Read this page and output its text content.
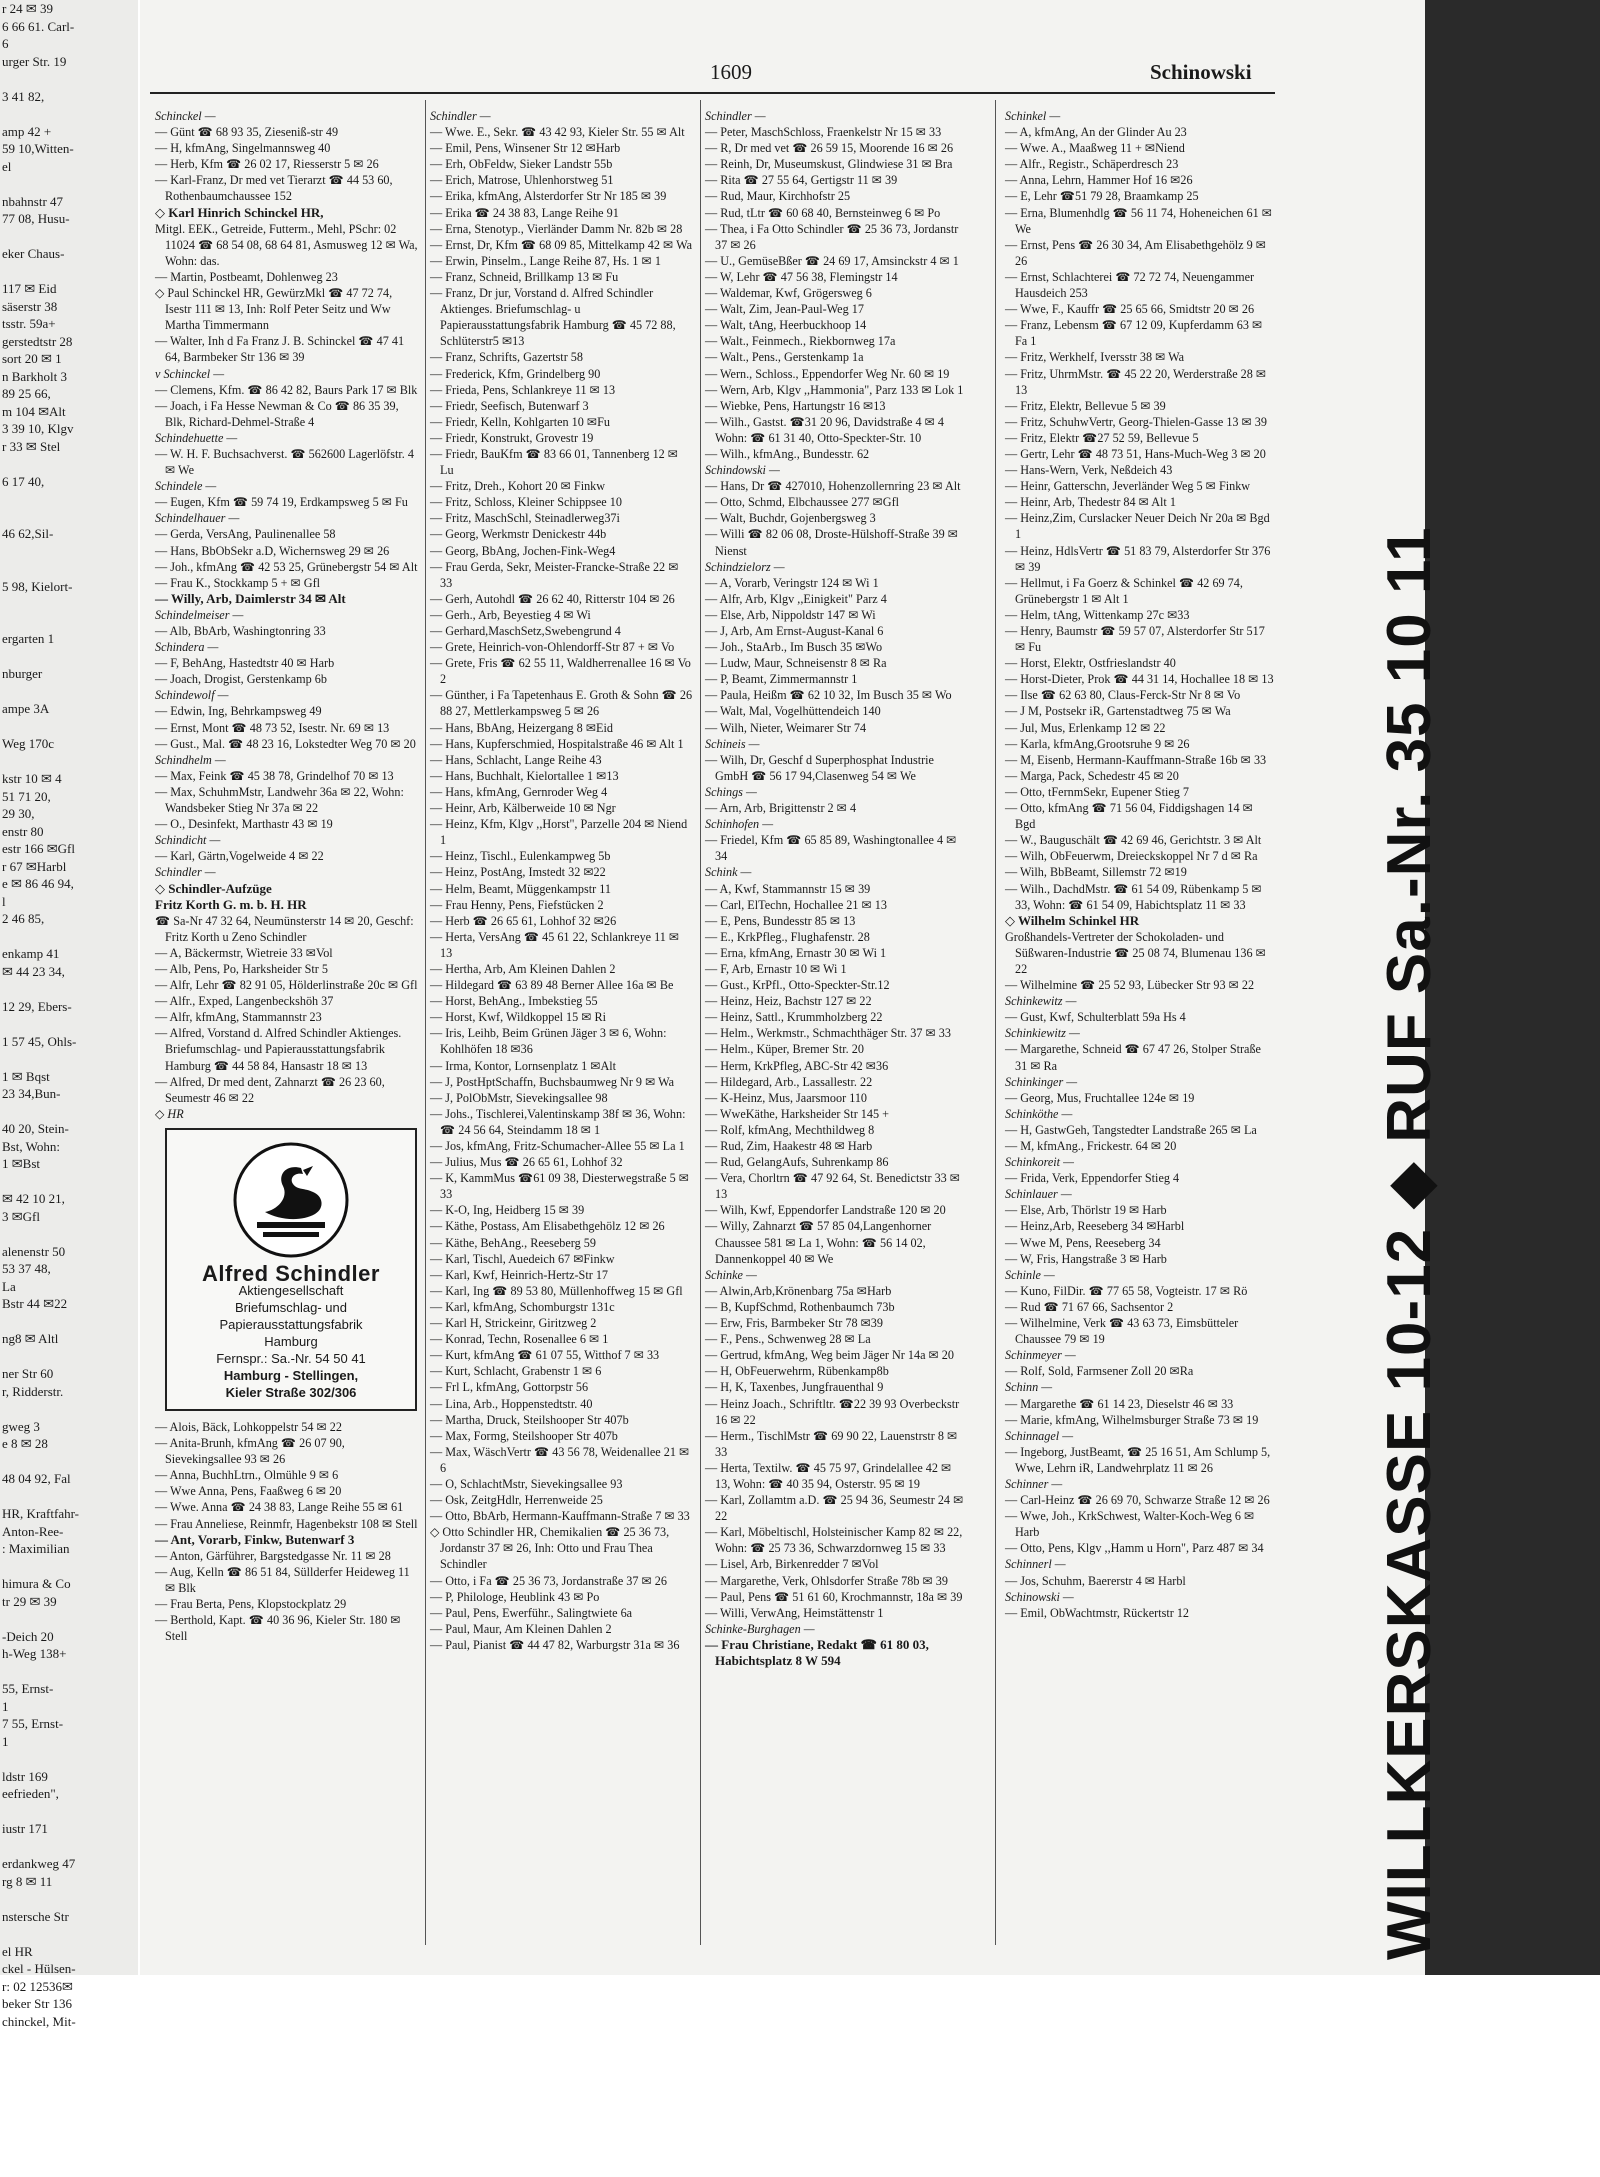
r 24 ✉ 39
6 66 61. Carl-
6
urger Str. 19

3 41 82,

amp 42 +
59 10,Witten-
el

nbahnstr 47
77 08, Husu-

eker Chaus-

117 ✉ Eid
säserstr 38
tsstr. 59a+
gerstedtstr 28
sort 20 ✉ 1
n Barkholt 3
89 25 66,
m 104 ✉Alt
3 39 10, Klgv
r 33 ✉ Stel

6 17 40,

46 62,Sil-

5 98, Kielort-

ergarten 1

nburger

ampe 3A

Weg 170c

kstr 10 ✉ 4
51 71 20,
29 30,
enstr 80
estr 166 ✉Gfl
r 67 ✉Harbl
e ✉ 86 46 94,
l
2 46 85,

enkamp 41
✉ 44 23 34,

12 29, Ebers-

1 57 45, Ohls-

1 ✉ Bqst
23 34,Bun-

40 20, Stein-
Bst, Wohn:
1 ✉Bst

✉ 42 10 21,
3 ✉Gfl

alenenstr 50
53 37 48,
La
Bstr 44 ✉22

ng8 ✉ Altl

ner Str 60
r, Ridderstr.

gweg 3
e 8 ✉ 28

48 04 92, Fal

HR, Kraftfahr-
Anton-Ree-
: Maximilian

himura & Co
tr 29 ✉ 39

-Deich 20
h-Weg 138+

55, Ernst-
1
7 55, Ernst-
1

ldstr 169
eefrieden",

iustr 171

erdankweg 47
rg 8 ✉ 11

nstersche Str

el HR
ckel - Hülsen-
r: 02 12536✉
beker Str 136
chinckel, Mit-
WILLKERSKASSE 10-12 ◆ RUF Sa.-Nr. 35 10 11
1609	Schinowski
Schinckel —
— Günt ☎ 68 93 35, Zieseniß-str 49
— H, kfmAng, Singelmannsweg 40
— Herb, Kfm ☎ 26 02 17, Riesserstr 5 ✉ 26
— Karl-Franz, Dr med vet Tierarzt ☎ 44 53 60, Rothenbaumchaussee 152
◇ Karl Hinrich Schinckel HR,
Mitgl. EEK., Getreide, Futterm., Mehl, PSchr: 02 11024 ☎ 68 54 08, 68 64 81, Asmusweg 12 ✉ Wa, Wohn: das.
— Martin, Postbeamt, Dohlenweg 23
◇ Paul Schinckel HR, GewürzMkl ☎ 47 72 74, Isestr 111 ✉ 13, Inh: Rolf Peter Seitz und Ww Martha Timmermann
— Walter, Inh d Fa Franz J. B. Schinckel ☎ 47 41 64, Barmbeker Str 136 ✉ 39
v Schinckel —
— Clemens, Kfm. ☎ 86 42 82, Baurs Park 17 ✉ Blk
— Joach, i Fa Hesse Newman & Co ☎ 86 35 39, Blk, Richard-Dehmel-Straße 4
Schindehuette —
— W. H. F. Buchsachverst. ☎ 562600 Lagerlöfstr. 4 ✉ We
Schindele —
— Eugen, Kfm ☎ 59 74 19, Erdkampsweg 5 ✉ Fu
Schindelhauer —
— Gerda, VersAng, Paulinenallee 58
— Hans, BbObSekr a.D, Wichernsweg 29 ✉ 26
— Joh., kfmAng ☎ 42 53 25, Grünebergstr 54 ✉ Alt
— Frau K., Stockkamp 5 + ✉ Gfl
— Willy, Arb, Daimlerstr 34 ✉ Alt
Schindelmeiser —
— Alb, BbArb, Washingtonring 33
Schindera —
— F, BehAng, Hastedtstr 40 ✉ Harb
— Joach, Drogist, Gerstenkamp 6b
Schindewolf —
— Edwin, Ing, Behrkampsweg 49
— Ernst, Mont ☎ 48 73 52, Isestr. Nr. 69 ✉ 13
— Gust., Mal. ☎ 48 23 16, Lokstedter Weg 70 ✉ 20
Schindhelm —
— Max, Feink ☎ 45 38 78, Grindelhof 70 ✉ 13
— Max, SchuhmMstr, Landwehr 36a ✉ 22, Wohn: Wandsbeker Stieg Nr 37a ✉ 22
— O., Desinfekt, Marthastr 43 ✉ 19
Schindicht —
— Karl, Gärtn,Vogelweide 4 ✉ 22
Schindler —
◇ Schindler-Aufzüge
Fritz Korth G. m. b. H. HR
☎ Sa-Nr 47 32 64, Neumünsterstr 14 ✉ 20, Geschf: Fritz Korth u Zeno Schindler
— A, Bäckermstr, Wietreie 33 ✉Vol
— Alb, Pens, Po, Harksheider Str 5
— Alfr, Lehr ☎ 82 91 05, Hölderlinstraße 20c ✉ Gfl
— Alfr., Exped, Langenbeckshöh 37
— Alfr, kfmAng, Stammannstr 23
— Alfred, Vorstand d. Alfred Schindler Aktienges. Briefumschlag- und Papierausstattungsfabrik Hamburg ☎ 44 58 84, Hansastr 18 ✉ 13
— Alfred, Dr med dent, Zahnarzt ☎ 26 23 60, Seumestr 46 ✉ 22
◇ HR
Alfred Schindler
Aktiengesellschaft
Briefumschlag- und
Papierausstattungsfabrik
Hamburg
Fernspr.: Sa.-Nr. 54 50 41
Hamburg - Stellingen,
Kieler Straße 302/306
— Alois, Bäck, Lohkoppelstr 54 ✉ 22
— Anita-Brunh, kfmAng ☎ 26 07 90, Sievekingsallee 93 ✉ 26
— Anna, BuchhLtrn., Olmühle 9 ✉ 6
— Wwe Anna, Pens, Faaßweg 6 ✉ 20
— Wwe. Anna ☎ 24 38 83, Lange Reihe 55 ✉ 61
— Frau Anneliese, Reinmfr, Hagenbekstr 108 ✉ Stell
— Ant, Vorarb, Finkw, Butenwarf 3
— Anton, Gärführer, Bargstedgasse Nr. 11 ✉ 28
— Aug, Kelln ☎ 86 51 84, Süllderfer Heideweg 11 ✉ Blk
— Frau Berta, Pens, Klopstockplatz 29
— Berthold, Kapt. ☎ 40 36 96, Kieler Str. 180 ✉ Stell
Schindler —
— Wwe. E., Sekr. ☎ 43 42 93, Kieler Str. 55 ✉ Alt
— Emil, Pens, Winsener Str 12 ✉Harb
— Erh, ObFeldw, Sieker Landstr 55b
— Erich, Matrose, Uhlenhorstweg 51
— Erika, kfmAng, Alsterdorfer Str Nr 185 ✉ 39
— Erika ☎ 24 38 83, Lange Reihe 91
— Erna, Stenotyp., Vierländer Damm Nr. 82b ✉ 28
— Ernst, Dr, Kfm ☎ 68 09 85, Mittelkamp 42 ✉ Wa
— Erwin, Pinselm., Lange Reihe 87, Hs. 1 ✉ 1
— Franz, Schneid, Brillkamp 13 ✉ Fu
— Franz, Dr jur, Vorstand d. Alfred Schindler Aktienges. Briefumschlag- u Papierausstattungsfabrik Hamburg ☎ 45 72 88, Schlüterstr5 ✉13
— Franz, Schrifts, Gazertstr 58
— Frederick, Kfm, Grindelberg 90
— Frieda, Pens, Schlankreye 11 ✉ 13
— Friedr, Seefisch, Butenwarf 3
— Friedr, Kelln, Kohlgarten 10 ✉Fu
— Friedr, Konstrukt, Grovestr 19
— Friedr, BauKfm ☎ 83 66 01, Tannenberg 12 ✉ Lu
— Fritz, Dreh., Kohort 20 ✉ Finkw
— Fritz, Schloss, Kleiner Schippsee 10
— Fritz, MaschSchl, Steinadlerweg37i
— Georg, Werkmstr Denickestr 44b
— Georg, BbAng, Jochen-Fink-Weg4
— Frau Gerda, Sekr, Meister-Francke-Straße 22 ✉ 33
— Gerh, Autohdl ☎ 26 62 40, Ritterstr 104 ✉ 26
— Gerh., Arb, Beyestieg 4 ✉ Wi
— Gerhard,MaschSetz,Swebengrund 4
— Grete, Heinrich-von-Ohlendorff-Str 87 + ✉ Vo
— Grete, Fris ☎ 62 55 11, Waldherrenallee 16 ✉ Vo 2
— Günther, i Fa Tapetenhaus E. Groth & Sohn ☎ 26 88 27, Mettlerkampsweg 5 ✉ 26
— Hans, BbAng, Heizergang 8 ✉Eid
— Hans, Kupferschmied, Hospitalstraße 46 ✉ Alt 1
— Hans, Schlacht, Lange Reihe 43
— Hans, Buchhalt, Kielortallee 1 ✉13
— Hans, kfmAng, Gernroder Weg 4
— Heinr, Arb, Kälberweide 10 ✉ Ngr
— Heinz, Kfm, Klgv ,,Horst", Parzelle 204 ✉ Niend 1
— Heinz, Tischl., Eulenkampweg 5b
— Heinz, PostAng, Imstedt 32 ✉22
— Helm, Beamt, Müggenkampstr 11
— Frau Henny, Pens, Fiefstücken 2
— Herb ☎ 26 65 61, Lohhof 32 ✉26
— Herta, VersAng ☎ 45 61 22, Schlankreye 11 ✉ 13
— Hertha, Arb, Am Kleinen Dahlen 2
— Hildegard ☎ 63 89 48 Berner Allee 16a ✉ Be
— Horst, BehAng., Imbekstieg 55
— Horst, Kwf, Wildkoppel 15 ✉ Ri
— Iris, Leihb, Beim Grünen Jäger 3 ✉ 6, Wohn: Kohlhöfen 18 ✉36
— Irma, Kontor, Lornsenplatz 1 ✉Alt
— J, PostHptSchaffn, Buchsbaumweg Nr 9 ✉ Wa
— J, PolObMstr, Sievekingsallee 98
— Johs., Tischlerei,Valentinskamp 38f ✉ 36, Wohn: ☎ 24 56 64, Steindamm 18 ✉ 1
— Jos, kfmAng, Fritz-Schumacher-Allee 55 ✉ La 1
— Julius, Mus ☎ 26 65 61, Lohhof 32
— K, KammMus ☎61 09 38, Diesterwegstraße 5 ✉ 33
— K-O, Ing, Heidberg 15 ✉ 39
— Käthe, Postass, Am Elisabethgehölz 12 ✉ 26
— Käthe, BehAng., Reeseberg 59
— Karl, Tischl, Auedeich 67 ✉Finkw
— Karl, Kwf, Heinrich-Hertz-Str 17
— Karl, Ing ☎ 89 53 80, Müllenhoffweg 15 ✉ Gfl
— Karl, kfmAng, Schomburgstr 131c
— Karl H, Strickeinr, Giritzweg 2
— Konrad, Techn, Rosenallee 6 ✉ 1
— Kurt, kfmAng ☎ 61 07 55, Witthof 7 ✉ 33
— Kurt, Schlacht, Grabenstr 1 ✉ 6
— Frl L, kfmAng, Gottorpstr 56
— Lina, Arb., Hoppenstedtstr. 40
— Martha, Druck, Steilshooper Str 407b
— Max, Formg, Steilshooper Str 407b
— Max, WäschVertr ☎ 43 56 78, Weidenallee 21 ✉ 6
— O, SchlachtMstr, Sievekingsallee 93
— Osk, ZeitgHdlr, Herrenweide 25
— Otto, BbArb, Hermann-Kauffmann-Straße 7 ✉ 33
◇ Otto Schindler HR, Chemikalien ☎ 25 36 73, Jordanstr 37 ✉ 26, Inh: Otto und Frau Thea Schindler
— Otto, i Fa ☎ 25 36 73, Jordanstraße 37 ✉ 26
— P, Philologe, Heublink 43 ✉ Po
— Paul, Pens, Ewerführ., Salingtwiete 6a
— Paul, Maur, Am Kleinen Dahlen 2
— Paul, Pianist ☎ 44 47 82, Warburgstr 31a ✉ 36
Schindler —
— Peter, MaschSchloss, Fraenkelstr Nr 15 ✉ 33
— R, Dr med vet ☎ 26 59 15, Moorende 16 ✉ 26
— Reinh, Dr, Museumskust, Glindwiese 31 ✉ Bra
— Rita ☎ 27 55 64, Gertigstr 11 ✉ 39
— Rud, Maur, Kirchhofstr 25
— Rud, tLtr ☎ 60 68 40, Bernsteinweg 6 ✉ Po
— Thea, i Fa Otto Schindler ☎ 25 36 73, Jordanstr 37 ✉ 26
— U., GemüseBßer ☎ 24 69 17, Amsinckstr 4 ✉ 1
— W, Lehr ☎ 47 56 38, Flemingstr 14
— Waldemar, Kwf, Grögersweg 6
— Walt, Zim, Jean-Paul-Weg 17
— Walt, tAng, Heerbuckhoop 14
— Walt., Feinmech., Riekbornweg 17a
— Walt., Pens., Gerstenkamp 1a
— Wern., Schloss., Eppendorfer Weg Nr. 60 ✉ 19
— Wern, Arb, Klgv ,,Hammonia", Parz 133 ✉ Lok 1
— Wiebke, Pens, Hartungstr 16 ✉13
— Wilh., Gastst. ☎31 20 96, Davidstraße 4 ✉ 4 Wohn: ☎ 61 31 40, Otto-Speckter-Str. 10
— Wilh., kfmAng., Bundesstr. 62
Schindowski —
— Hans, Dr ☎ 427010, Hohenzollernring 23 ✉ Alt
— Otto, Schmd, Elbchaussee 277 ✉Gfl
— Walt, Buchdr, Gojenbergsweg 3
— Willi ☎ 82 06 08, Droste-Hülshoff-Straße 39 ✉ Nienst
Schindzielorz —
— A, Vorarb, Veringstr 124 ✉ Wi 1
— Alfr, Arb, Klgv ,,Einigkeit" Parz 4
— Else, Arb, Nippoldstr 147 ✉ Wi
— J, Arb, Am Ernst-August-Kanal 6
— Joh., StaArb., Im Busch 35 ✉Wo
— Ludw, Maur, Schneisenstr 8 ✉ Ra
— P, Beamt, Zimmermannstr 1
— Paula, Heißm ☎ 62 10 32, Im Busch 35 ✉ Wo
— Walt, Mal, Vogelhüttendeich 140
— Wilh, Nieter, Weimarer Str 74
Schineis —
— Wilh, Dr, Geschf d Superphosphat Industrie GmbH ☎ 56 17 94,Clasenweg 54 ✉ We
Schings —
— Arn, Arb, Brigittenstr 2 ✉ 4
Schinhofen —
— Friedel, Kfm ☎ 65 85 89, Washingtonallee 4 ✉ 34
Schink —
— A, Kwf, Stammannstr 15 ✉ 39
— Carl, ElTechn, Hochallee 21 ✉ 13
— E, Pens, Bundesstr 85 ✉ 13
— E., KrkPfleg., Flughafenstr. 28
— Erna, kfmAng, Ernastr 30 ✉ Wi 1
— F, Arb, Ernastr 10 ✉ Wi 1
— Gust., KrPfl., Otto-Speckter-Str.12
— Heinz, Heiz, Bachstr 127 ✉ 22
— Heinz, Sattl., Krummholzberg 22
— Helm., Werkmstr., Schmachthäger Str. 37 ✉ 33
— Helm., Küper, Bremer Str. 20
— Herm, KrkPfleg, ABC-Str 42 ✉36
— Hildegard, Arb., Lassallestr. 22
— K-Heinz, Mus, Jaarsmoor 110
— WweKäthe, Harksheider Str 145 +
— Rolf, kfmAng, Mechthildweg 8
— Rud, Zim, Haakestr 48 ✉ Harb
— Rud, GelangAufs, Suhrenkamp 86
— Vera, Chorltrn ☎ 47 92 64, St. Benedictstr 33 ✉ 13
— Wilh, Kwf, Eppendorfer Landstraße 120 ✉ 20
— Willy, Zahnarzt ☎ 57 85 04,Langenhorner Chaussee 581 ✉ La 1, Wohn: ☎ 56 14 02, Dannenkoppel 40 ✉ We
Schinke —
— Alwin,Arb,Krönenbarg 75a ✉Harb
— B, KupfSchmd, Rothenbaumch 73b
— Erw, Fris, Barmbeker Str 78 ✉39
— F., Pens., Schwenweg 28 ✉ La
— Gertrud, kfmAng, Weg beim Jäger Nr 14a ✉ 20
— H, ObFeuerwehrm, Rübenkamp8b
— H, K, Taxenbes, Jungfrauenthal 9
— Heinz Joach., Schriftltr. ☎22 39 93 Overbeckstr 16 ✉ 22
— Herm., TischlMstr ☎ 69 90 22, Lauenstrstr 8 ✉ 33
— Herta, Textilw. ☎ 45 75 97, Grindelallee 42 ✉ 13, Wohn: ☎ 40 35 94, Osterstr. 95 ✉ 19
— Karl, Zollamtm a.D. ☎ 25 94 36, Seumestr 24 ✉ 22
— Karl, Möbeltischl, Holsteinischer Kamp 82 ✉ 22, Wohn: ☎ 25 73 36, Schwarzdornweg 15 ✉ 33
— Lisel, Arb, Birkenredder 7 ✉Vol
— Margarethe, Verk, Ohlsdorfer Straße 78b ✉ 39
— Paul, Pens ☎ 51 61 60, Krochmannstr, 18a ✉ 39
— Willi, VerwAng, Heimstättenstr 1
Schinke-Burghagen —
— Frau Christiane, Redakt ☎ 61 80 03, Habichtsplatz 8 W 594
Schinkel —
— A, kfmAng, An der Glinder Au 23
— Wwe. A., Maaßweg 11 + ✉Niend
— Alfr., Registr., Schäperdresch 23
— Anna, Lehrn, Hammer Hof 16 ✉26
— E, Lehr ☎51 79 28, Braamkamp 25
— Erna, Blumenhdlg ☎ 56 11 74, Hoheneichen 61 ✉ We
— Ernst, Pens ☎ 26 30 34, Am Elisabethgehölz 9 ✉ 26
— Ernst, Schlachterei ☎ 72 72 74, Neuengammer Hausdeich 253
— Wwe, F., Kauffr ☎ 25 65 66, Smidtstr 20 ✉ 26
— Franz, Lebensm ☎ 67 12 09, Kupferdamm 63 ✉ Fa 1
— Fritz, Werkhelf, Iversstr 38 ✉ Wa
— Fritz, UhrmMstr. ☎ 45 22 20, Werderstraße 28 ✉ 13
— Fritz, Elektr, Bellevue 5 ✉ 39
— Fritz, SchuhwVertr, Georg-Thielen-Gasse 13 ✉ 39
— Fritz, Elektr ☎27 52 59, Bellevue 5
— Gertr, Lehr ☎ 48 73 51, Hans-Much-Weg 3 ✉ 20
— Hans-Wern, Verk, Neßdeich 43
— Heinr, Gatterschn, Jeverländer Weg 5 ✉ Finkw
— Heinr, Arb, Thedestr 84 ✉ Alt 1
— Heinz,Zim, Curslacker Neuer Deich Nr 20a ✉ Bgd 1
— Heinz, HdlsVertr ☎ 51 83 79, Alsterdorfer Str 376 ✉ 39
— Hellmut, i Fa Goerz & Schinkel ☎ 42 69 74, Grünebergstr 1 ✉ Alt 1
— Helm, tAng, Wittenkamp 27c ✉33
— Henry, Baumstr ☎ 59 57 07, Alsterdorfer Str 517 ✉ Fu
— Horst, Elektr, Ostfrieslandstr 40
— Horst-Dieter, Prok ☎ 44 31 14, Hochallee 18 ✉ 13
— Ilse ☎ 62 63 80, Claus-Ferck-Str Nr 8 ✉ Vo
— J M, Postsekr iR, Gartenstadtweg 75 ✉ Wa
— Jul, Mus, Erlenkamp 12 ✉ 22
— Karla, kfmAng,Grootsruhe 9 ✉ 26
— M, Eisenb, Hermann-Kauffmann-Straße 16b ✉ 33
— Marga, Pack, Schedestr 45 ✉ 20
— Otto, tFernmSekr, Eupener Stieg 7
— Otto, kfmAng ☎ 71 56 04, Fiddigshagen 14 ✉ Bgd
— W., Bauguschält ☎ 42 69 46, Gerichtstr. 3 ✉ Alt
— Wilh, ObFeuerwm, Dreieckskoppel Nr 7 d ✉ Ra
— Wilh, BbBeamt, Sillemstr 72 ✉19
— Wilh., DachdMstr. ☎ 61 54 09, Rübenkamp 5 ✉ 33, Wohn: ☎ 61 54 09, Habichtsplatz 11 ✉ 33
◇ Wilhelm Schinkel HR
Großhandels-Vertreter der Schokoladen- und Süßwaren-Industrie ☎ 25 08 74, Blumenau 136 ✉ 22
— Wilhelmine ☎ 25 52 93, Lübecker Str 93 ✉ 22
Schinkewitz —
— Gust, Kwf, Schulterblatt 59a Hs 4
Schinkiewitz —
— Margarethe, Schneid ☎ 67 47 26, Stolper Straße 31 ✉ Ra
Schinkinger —
— Georg, Mus, Fruchtallee 124e ✉ 19
Schinköthe —
— H, GastwGeh, Tangstedter Landstraße 265 ✉ La
— M, kfmAng., Frickestr. 64 ✉ 20
Schinkoreit —
— Frida, Verk, Eppendorfer Stieg 4
Schinlauer —
— Else, Arb, Thörlstr 19 ✉ Harb
— Heinz,Arb, Reeseberg 34 ✉Harbl
— Wwe M, Pens, Reeseberg 34
— W, Fris, Hangstraße 3 ✉ Harb
Schinle —
— Kuno, FilDir. ☎ 77 65 58, Vogteistr. 17 ✉ Rö
— Rud ☎ 71 67 66, Sachsentor 2
— Wilhelmine, Verk ☎ 43 63 73, Eimsbütteler Chaussee 79 ✉ 19
Schinmeyer —
— Rolf, Sold, Farmsener Zoll 20 ✉Ra
Schinn —
— Margarethe ☎ 61 14 23, Dieselstr 46 ✉ 33
— Marie, kfmAng, Wilhelmsburger Straße 73 ✉ 19
Schinnagel —
— Ingeborg, JustBeamt, ☎ 25 16 51, Am Schlump 5, Wwe, Lehrn iR, Landwehrplatz 11 ✉ 26
Schinner —
— Carl-Heinz ☎ 26 69 70, Schwarze Straße 12 ✉ 26
— Wwe, Joh., KrkSchwest, Walter-Koch-Weg 6 ✉ Harb
— Otto, Pens, Klgv ,,Hamm u Horn", Parz 487 ✉ 34
Schinnerl —
— Jos, Schuhm, Baererstr 4 ✉ Harbl
Schinowski —
— Emil, ObWachtmstr, Rückertstr 12
